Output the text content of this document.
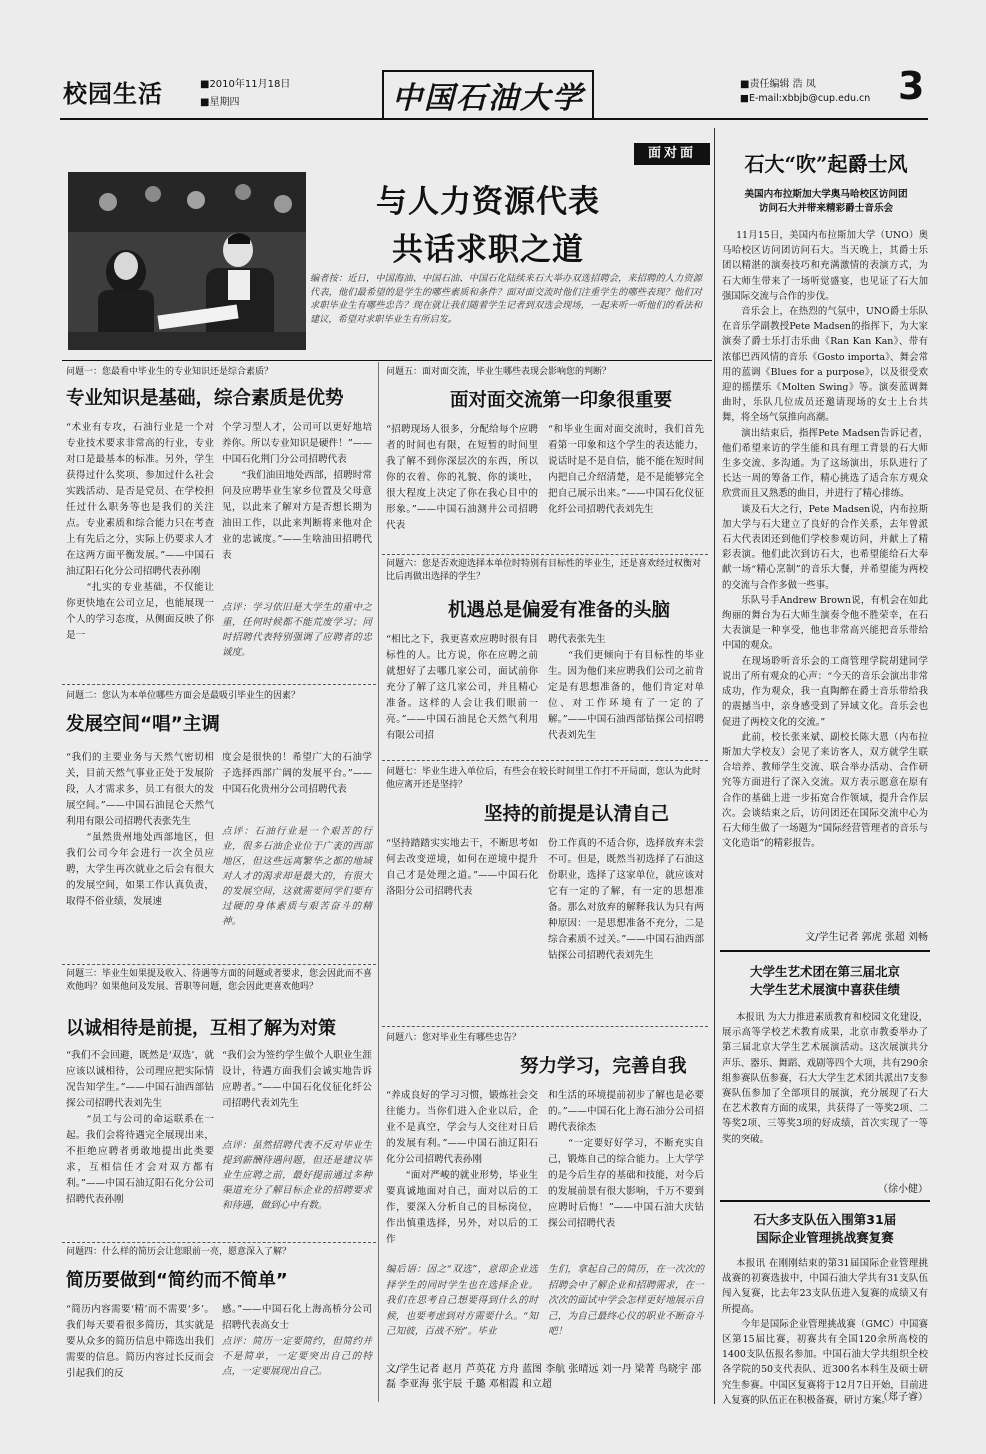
校园生活	■2010年11月18日
■星期四	中国石油大学	■责任编辑 浩 凤
■E-mail:xbbjb@cup.edu.cn 3
面对面
与人力资源代表
共话求职之道
编者按：近日，中国海油、中国石油、中国石化陆续来石大举办双选招聘会，来招聘的人力资源代表，他们最希望的是学生的哪些素质和条件？面对面交流时他们注重学生的哪些表现？他们对求职毕业生有哪些忠告？现在就让我们随着学生记者到双选会现场，一起来听一听他们的看法和建议，希望对求职毕业生有所启发。
问题一：您最看中毕业生的专业知识还是综合素质？
专业知识是基础，综合素质是优势
“术业有专攻，石油行业是一个对专业技术要求非常高的行业，专业对口是最基本的标准。另外，学生获得过什么奖项、参加过什么社会实践活动、是否是党员、在学校担任过什么职务等也是我们的关注点。专业素质和综合能力只在考查上有先后之分，实际上仍要求人才在这两方面平衡发展。”——中国石油辽阳石化分公司招聘代表孙刚
　　“扎实的专业基础，不仅能让你更快地在公司立足，也能展现一个人的学习态度，从侧面反映了你是一
个学习型人才，公司可以更好地培养你。所以专业知识是硬件！”——中国石化荆门分公司招聘代表
　　“我们油田地处西部，招聘时常问及应聘毕业生家乡位置及父母意见，以此来了解对方是否想长期为油田工作，以此来判断将来他对企业的忠诚度。”——生啥油田招聘代表
点评：学习依旧是大学生的重中之重，任何时候都不能荒废学习；同时招聘代表特别强调了应聘者的忠诚度。
问题二：您认为本单位哪些方面会是最吸引毕业生的因素？
发展空间“唱”主调
“我们的主要业务与天然气密切相关，目前天然气事业正处于发展阶段，人才需求多，员工有很大的发展空间。”——中国石油昆仑天然气利用有限公司招聘代表张先生
　　“虽然贵州地处西部地区，但我们公司今年会进行一次全员应聘，大学生再次就业之后会有很大的发展空间，如果工作认真负责，取得不俗业绩，发展速
度会是很快的！希望广大的石油学子选择西部广阔的发展平台。”——中国石化贵州分公司招聘代表
点评：石油行业是一个艰苦的行业，很多石油企业位于广袤的西部地区，但这些远离繁华之都的地域对人才的渴求却是最大的，有很大的发展空间，这就需要同学们要有过硬的身体素质与艰苦奋斗的精神。
问题三：毕业生如果提及收入、待遇等方面的问题或者要求，您会因此而不喜欢他吗？如果他问及发展、晋职等问题，您会因此更喜欢他吗？
以诚相待是前提，互相了解为对策
“我们不会回避，既然是‘双选’，就应该以诚相待，公司理应把实际情况告知学生。”——中国石油西部钻探公司招聘代表刘先生
　　“员工与公司的命运联系在一起。我们会将待遇完全展现出来，不拒绝应聘者勇敢地提出此类要求，互相信任才会对双方都有利。”——中国石油辽阳石化分公司招聘代表孙刚
“我们会为签约学生做个人职业生涯设计，待遇方面我们会诚实地告诉应聘者。”——中国石化仪征化纤公司招聘代表刘先生
点评：虽然招聘代表不反对毕业生提到薪酬待遇问题，但还是建议毕业生应聘之前，最好提前通过多种渠道充分了解目标企业的招聘要求和待遇，做到心中有数。
问题四：什么样的简历会让您眼前一亮，愿意深入了解？
简历要做到“简约而不简单”
“简历内容需要‘精’而不需要‘多’。我们每天要看很多简历，其实就是要从众多的简历信息中筛选出我们需要的信息。简历内容过长反而会引起我们的反
感。”——中国石化上海高桥分公司招聘代表高女士
点评：简历一定要简约，但简约并不是简单，一定要突出自己的特点，一定要展现出自己。
问题五：面对面交流，毕业生哪些表现会影响您的判断？
面对面交流第一印象很重要
“招聘现场人很多，分配给每个应聘者的时间也有限，在短暂的时间里我了解不到你深层次的东西，所以你的衣着、你的礼貌、你的谈吐，很大程度上决定了你在我心目中的形象。”——中国石油测井公司招聘代表
“和毕业生面对面交流时，我们首先看第一印象和这个学生的表达能力，说话时是不是自信，能不能在短时间内把自己介绍清楚，是不是能够完全把自己展示出来。”——中国石化仪征化纤公司招聘代表刘先生
问题六：您是否欢迎选择本单位时特别有目标性的毕业生，还是喜欢经过权衡对比后再做出选择的学生？
机遇总是偏爱有准备的头脑
“相比之下，我更喜欢应聘时很有目标性的人。比方说，你在应聘之前就想好了去哪几家公司，面试前你充分了解了这几家公司，并且精心准备。这样的人会让我们眼前一亮。”——中国石油昆仑天然气利用有限公司招
聘代表张先生
　　“我们更倾向于有目标性的毕业生。因为他们来应聘我们公司之前肯定是有思想准备的，他们肯定对单位、对工作环境有了一定的了解。”——中国石油西部钻探公司招聘代表刘先生
问题七：毕业生进入单位后，有些会在较长时间里工作打不开局面，您认为此时他应离开还是坚持？
坚持的前提是认清自己
“坚持踏踏实实地去干，不断思考如何去改变逆境，如何在逆境中提升自己才是处理之道。”——中国石化洛阳分公司招聘代表
份工作真的不适合你，选择放弃未尝不可。但是，既然当初选择了石油这份职业，选择了这家单位，就应该对它有一定的了解，有一定的思想准备。那么对放弃的解释我认为只有两种原因：一是思想准备不充分，二是综合素质不过关。”——中国石油西部钻探公司招聘代表刘先生
问题八：您对毕业生有哪些忠告？
努力学习，完善自我
“养成良好的学习习惯，锻炼社会交往能力。当你们进入企业以后，企业不是真空，学会与人交往对日后的发展有利。”——中国石油辽阳石化分公司招聘代表孙刚
　　“面对严峻的就业形势，毕业生要真诚地面对自己，面对以后的工作，要深入分析自己的目标岗位，作出慎重选择，另外，对以后的工作
和生活的环境提前初步了解也是必要的。”——中国石化上海石油分公司招聘代表徐杰
　　“一定要好好学习，不断充实自己，锻炼自己的综合能力。上大学学的是今后生存的基础和技能，对今后的发展前景有很大影响，千万不要到应聘时后悔！”——中国石油大庆钻探公司招聘代表
编后语：因之“双选”，意即企业选择学生的同时学生也在选择企业。我们在思考自己想要得到什么的时候，也要考虑到对方需要什么。“知己知彼，百战不殆”。毕业
生们，拿起自己的简历，在一次次的招聘会中了解企业和招聘需求，在一次次的面试中学会怎样更好地展示自己，为自己最终心仪的职业不断奋斗吧！
文/学生记者 赵月 芦英花 方舟 蓝图 李航 张晴远 刘一丹 梁菁 鸟晓宇 邵磊 李亚海 张宇辰 千璐 邓相霞 和立超
石大“吹”起爵士风
美国内布拉斯加大学奥马哈校区访问团
访问石大并带来精彩爵士音乐会
11月15日，美国内布拉斯加大学（UNO）奥马哈校区访问团访问石大。当天晚上，其爵士乐团以精湛的演奏技巧和充满激情的表演方式，为石大师生带来了一场听觉盛宴，也见证了石大加强国际交流与合作的步伐。
　　音乐会上，在热烈的气氛中，UNO爵士乐队在音乐学副教授Pete Madsen的指挥下，为大家演奏了爵士乐打击乐曲《Ran Kan Kan》、带有浓郁巴西风情的音乐《Gosto importa》、舞会常用的蓝调《Blues for a purpose》，以及很受欢迎的摇摆乐《Molten Swing》等。演奏蓝调舞曲时，乐队几位成员还邀请现场的女士上台共舞，将全场气氛推向高潮。
　　演出结束后，指挥Pete Madsen告诉记者，他们希望来访的学生能和具有理工背景的石大师生多交流、多沟通。为了这场演出，乐队进行了长达一周的筹备工作，精心挑选了适合东方观众欣赏而且又熟悉的曲目，并进行了精心排练。
　　谈及石大之行，Pete Madsen说，内布拉斯加大学与石大建立了良好的合作关系，去年曾派石大代表团还到他们学校参观访问，并献上了精彩表演。他们此次到访石大，也希望能给石大奉献一场“精心烹制”的音乐大餐，并希望能为两校的交流与合作多做一些事。
　　乐队号手Andrew Brown说，有机会在如此绚丽的舞台为石大师生演奏令他不胜荣幸，在石大表演是一种享受，他也非常高兴能把音乐带给中国的观众。
　　在现场聆听音乐会的工商管理学院胡建同学说出了所有观众的心声：“今天的音乐会演出非常成功，作为观众，我一直陶醉在爵士音乐带给我的震撼当中，亲身感受到了异域文化。音乐会也促进了两校文化的交流。”
　　此前，校长张来斌、副校长陈大恩（内布拉斯加大学校友）会见了来访客人，双方就学生联合培养、教师学生交流、联合举办活动、合作研究等方面进行了深入交流。双方表示愿意在原有合作的基础上进一步拓宽合作领域，提升合作层次。会谈结束之后，访问团还在国际交流中心为石大师生做了一场题为“国际经营管理者的音乐与文化造诣”的精彩报告。
文/学生记者 郭虎 张超 刘畅
大学生艺术团在第三届北京
大学生艺术展演中喜获佳绩
本报讯 为大力推进素质教育和校园文化建设，展示高等学校艺术教育成果，北京市教委举办了第三届北京大学生艺术展演活动。这次展演共分声乐、器乐、舞蹈、戏剧等四个大项，共有290余组参赛队伍参赛，石大大学生艺术团共派出7支参赛队伍参加了全部项目的展演，充分展现了石大在艺术教育方面的成果，共获得了一等奖2项、二等奖2项、三等奖3项的好成绩，首次实现了一等奖的突破。
（徐小健）
石大多支队伍入围第31届
国际企业管理挑战赛复赛
本报讯 在刚刚结束的第31届国际企业管理挑战赛的初赛选拔中，中国石油大学共有31支队伍闯入复赛，比去年23支队伍进入复赛的成绩又有所提高。
　　今年是国际企业管理挑战赛（GMC）中国赛区第15届比赛，初赛共有全国120余所高校的1400支队伍报名参加。中国石油大学共组织全校各学院的50支代表队、近300名本科生及硕士研究生参赛。中国区复赛将于12月7日开始，目前进入复赛的队伍正在积极备赛，研讨方案。
（郑子睿）
